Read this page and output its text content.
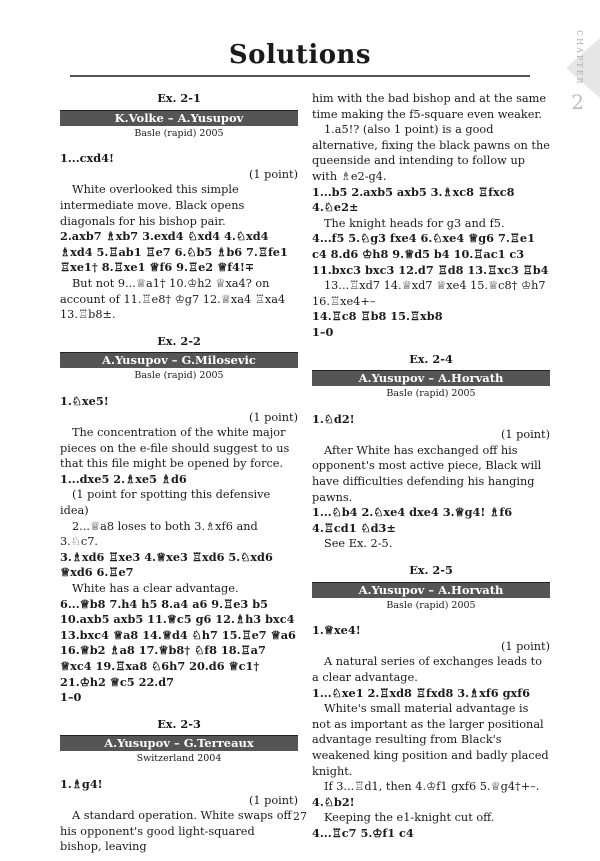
Solutions	CHAPTER
2

Ex. 2-1

K.Volke – A.Yusupov

Basle (rapid) 2005

1...cxd4!

(1 point)

White overlooked this simple intermediate move. Black opens diagonals for his bishop pair.

2.axb7 ♗xb7 3.exd4 ♘xd4 4.♘xd4 ♗xd4 5.♖ab1 ♖e7 6.♘b5 ♗b6 7.♖fe1 ♖xe1† 8.♖xe1 ♕f6 9.♖e2 ♕f4!∓

But not 9...♕a1† 10.♔h2 ♕xa4? on account of 11.♖e8† ♔g7 12.♕xa4 ♖xa4 13.♖b8±.

Ex. 2-2

A.Yusupov – G.Milosevic

Basle (rapid) 2005

1.♘xe5!

(1 point)

The concentration of the white major pieces on the e-file should suggest to us that this file might be opened by force.

1...dxe5 2.♗xe5 ♗d6

(1 point for spotting this defensive idea)

2...♕a8 loses to both 3.♗xf6 and 3.♘c7.

3.♗xd6 ♖xe3 4.♕xe3 ♖xd6 5.♘xd6 ♕xd6 6.♖e7

White has a clear advantage.

6...♕b8 7.h4 h5 8.a4 a6 9.♖e3 b5 10.axb5 axb5 11.♕c5 g6 12.♗h3 bxc4 13.bxc4 ♕a8 14.♕d4 ♘h7 15.♖e7 ♕a6 16.♕b2 ♗a8 17.♕b8† ♘f8 18.♖a7 ♕xc4 19.♖xa8 ♘6h7 20.d6 ♕c1† 21.♔h2 ♕c5 22.d7

1–0

Ex. 2-3

A.Yusupov – G.Terreaux

Switzerland 2004

1.♗g4!

(1 point)

A standard operation. White swaps off his opponent's good light-squared bishop, leaving

him with the bad bishop and at the same time making the f5-square even weaker.

1.a5!? (also 1 point) is a good alternative, fixing the black pawns on the queenside and intending to follow up with ♗e2-g4.

1...b5 2.axb5 axb5 3.♗xc8 ♖fxc8 4.♘e2±

The knight heads for g3 and f5.

4...f5 5.♘g3 fxe4 6.♘xe4 ♕g6 7.♖e1 c4 8.d6 ♔h8 9.♕d5 b4 10.♖ac1 c3 11.bxc3 bxc3 12.d7 ♖d8 13.♖xc3 ♖b4

13...♖xd7 14.♕xd7 ♕xe4 15.♕c8† ♔h7 16.♖xe4+–

14.♖c8 ♖b8 15.♖xb8

1–0

Ex. 2-4

A.Yusupov – A.Horvath

Basle (rapid) 2005

1.♘d2!

(1 point)

After White has exchanged off his opponent's most active piece, Black will have difficulties defending his hanging pawns.

1...♘b4 2.♘xe4 dxe4 3.♕g4! ♗f6 4.♖cd1 ♘d3±

See Ex. 2-5.

Ex. 2-5

A.Yusupov – A.Horvath

Basle (rapid) 2005

1.♕xe4!

(1 point)

A natural series of exchanges leads to a clear advantage.

1...♘xe1 2.♖xd8 ♖fxd8 3.♗xf6 gxf6

White's small material advantage is not as important as the larger positional advantage resulting from Black's weakened king position and badly placed knight.

If 3...♖d1, then 4.♔f1 gxf6 5.♕g4†+–.

4.♘b2!

Keeping the e1-knight cut off.

4...♖c7 5.♔f1 c4

27
